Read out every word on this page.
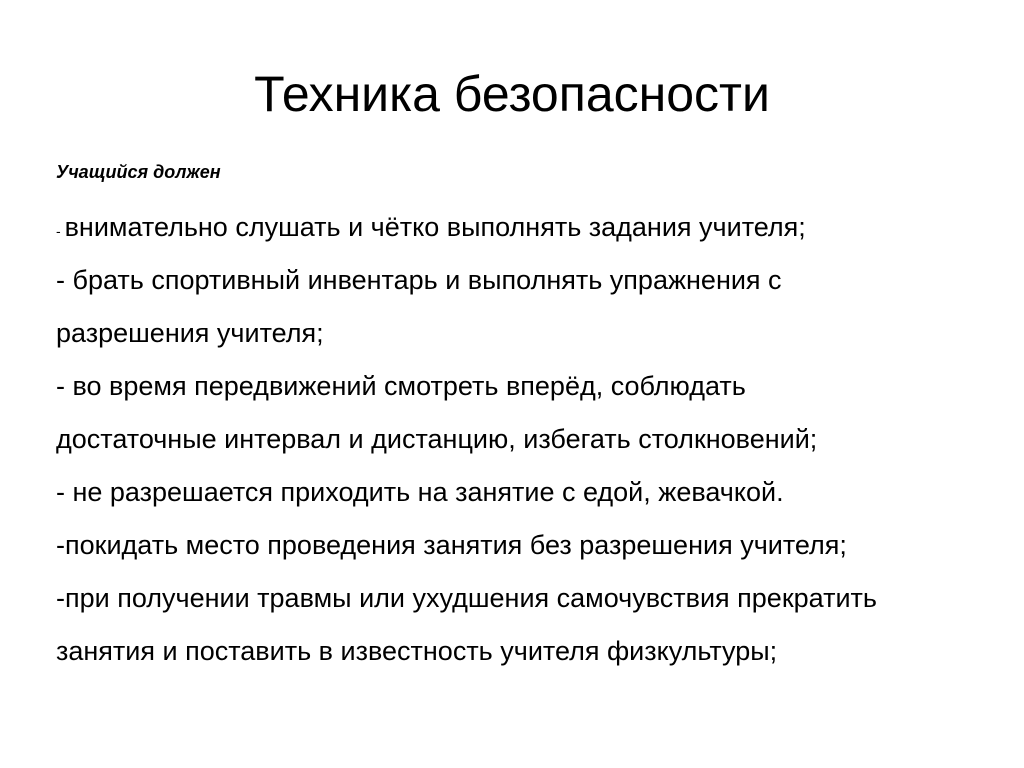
Техника безопасности

Учащийся должен

- внимательно слушать и чётко выполнять задания учителя;
- брать спортивный инвентарь и выполнять упражнения с
разрешения учителя;
- во время передвижений смотреть вперёд, соблюдать
достаточные интервал и дистанцию, избегать столкновений;
- не разрешается приходить на занятие с едой, жевачкой.
-покидать место проведения занятия без разрешения учителя;
-при получении травмы или ухудшения самочувствия прекратить
занятия и поставить в известность учителя физкультуры;
